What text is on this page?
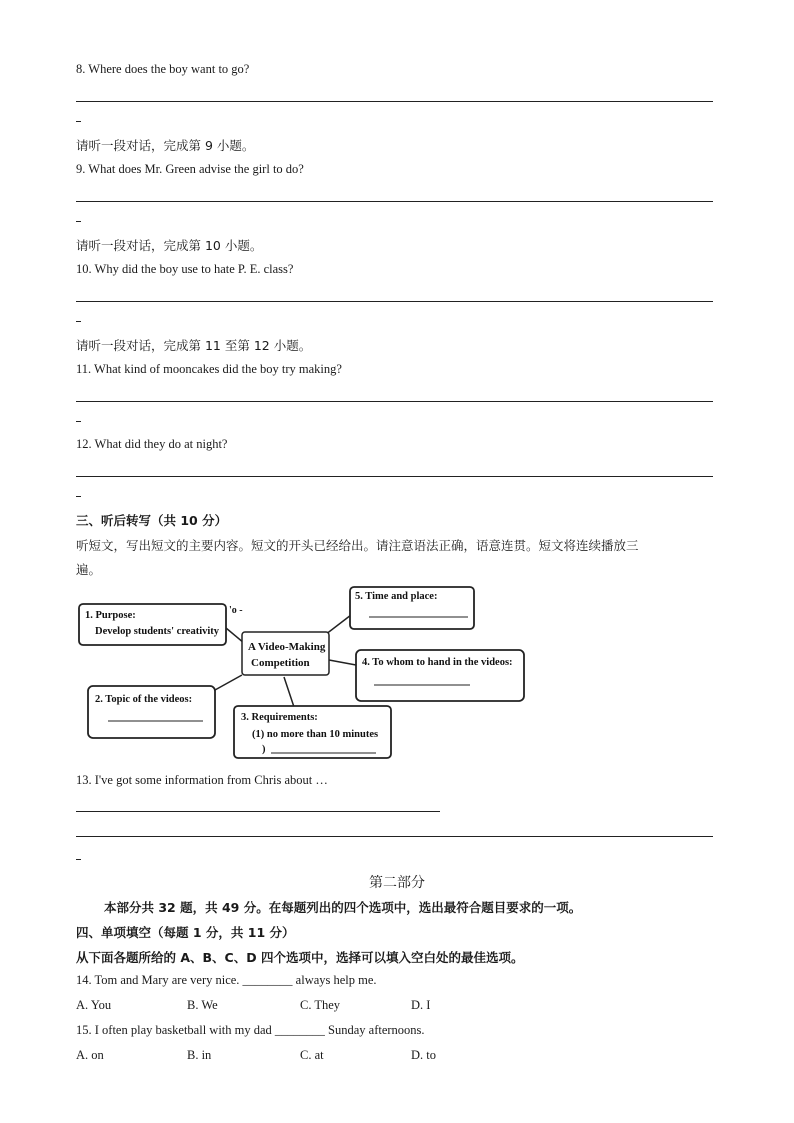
8. Where does the boy want to go?
请听一段对话，完成第 9 小题。
9. What does Mr. Green advise the girl to do?
请听一段对话，完成第 10 小题。
10. Why did the boy use to hate P. E. class?
请听一段对话，完成第 11 至第 12 小题。
11. What kind of mooncakes did the boy try making?
12. What did they do at night?
三、听后转写（共 10 分）
听短文，写出短文的主要内容。短文的开头已经给出。请注意语法正确，语意连贯。短文将连续播放三
遍。
A Video-Making
Competition
1. Purpose:
Develop students' creativity
'o -
5. Time and place:
4. To whom to hand in the videos:
2. Topic of the videos:
3. Requirements:
(1) no more than 10 minutes
)
13. I've got some information from Chris about …
第二部分
本部分共 32 题，共 49 分。在每题列出的四个选项中，选出最符合题目要求的一项。
四、单项填空（每题 1 分，共 11 分）
从下面各题所给的 A、B、C、D 四个选项中，选择可以填入空白处的最佳选项。
14. Tom and Mary are very nice. ________ always help me.
A. You	B. We	C. They	D. I
15. I often play basketball with my dad ________ Sunday afternoons.
A. on	B. in	C. at	D. to
